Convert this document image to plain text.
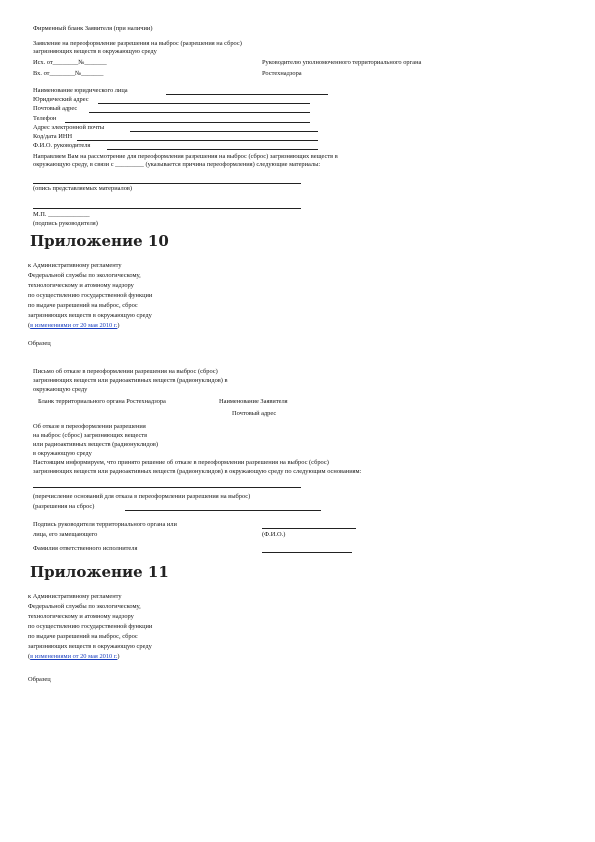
Фирменный бланк Заявителя (при наличии)
Заявление на переоформление разрешения на выброс (разрешения на сброс)
загрязняющих веществ в окружающую среду
Исх. от________№_______	Руководителю уполномоченного территориального органа
Вх. от________№_______	Ростехнадзора
Наименование юридического лица
Юридический адрес
Почтовый адрес
Телефон
Адрес электронной почты
Код/дата ИНН
Ф.И.О. руководителя
Направляем Вам на рассмотрение для переоформления разрешения на выброс (сброс) загрязняющих веществ в
окружающую среду, в связи с _________ (указывается причина переоформления) следующие материалы:
(опись представляемых материалов)
М.П. _____________
(подпись руководителя)
Приложение 10
к Административному регламенту
Федеральной службы по экологическому,
технологическому и атомному надзору
по осуществлению государственной функции
по выдаче разрешений на выброс, сброс
загрязняющих веществ в окружающую среду
(в изменениями от 20 мая 2010 г.)
Образец
Письмо об отказе в переоформлении разрешения на выброс (сброс)
загрязняющих веществ или радиоактивных веществ (радионуклидов) в
окружающую среду
Бланк территориального органа Ростехнадзора	Наименование Заявителя
Почтовый адрес
Об отказе в переоформлении разрешения
на выброс (сброс) загрязняющих веществ
или радиоактивных веществ (радионуклидов)
в окружающую среду
Настоящим информируем, что принято решение об отказе в переоформлении разрешения на выброс (сброс)
загрязняющих веществ или радиоактивных веществ (радионуклидов) в окружающую среду по следующим основаниям:
(перечисление оснований для отказа в переоформлении разрешения на выброс)
(разрешения на сброс)
Подпись руководителя территориального органа или
лица, его замещающего	(Ф.И.О.)
Фамилия ответственного исполнителя
Приложение 11
к Административному регламенту
Федеральной службы по экологическому,
технологическому и атомному надзору
по осуществлению государственной функции
по выдаче разрешений на выброс, сброс
загрязняющих веществ в окружающую среду
(в изменениями от 20 мая 2010 г.)
Образец
